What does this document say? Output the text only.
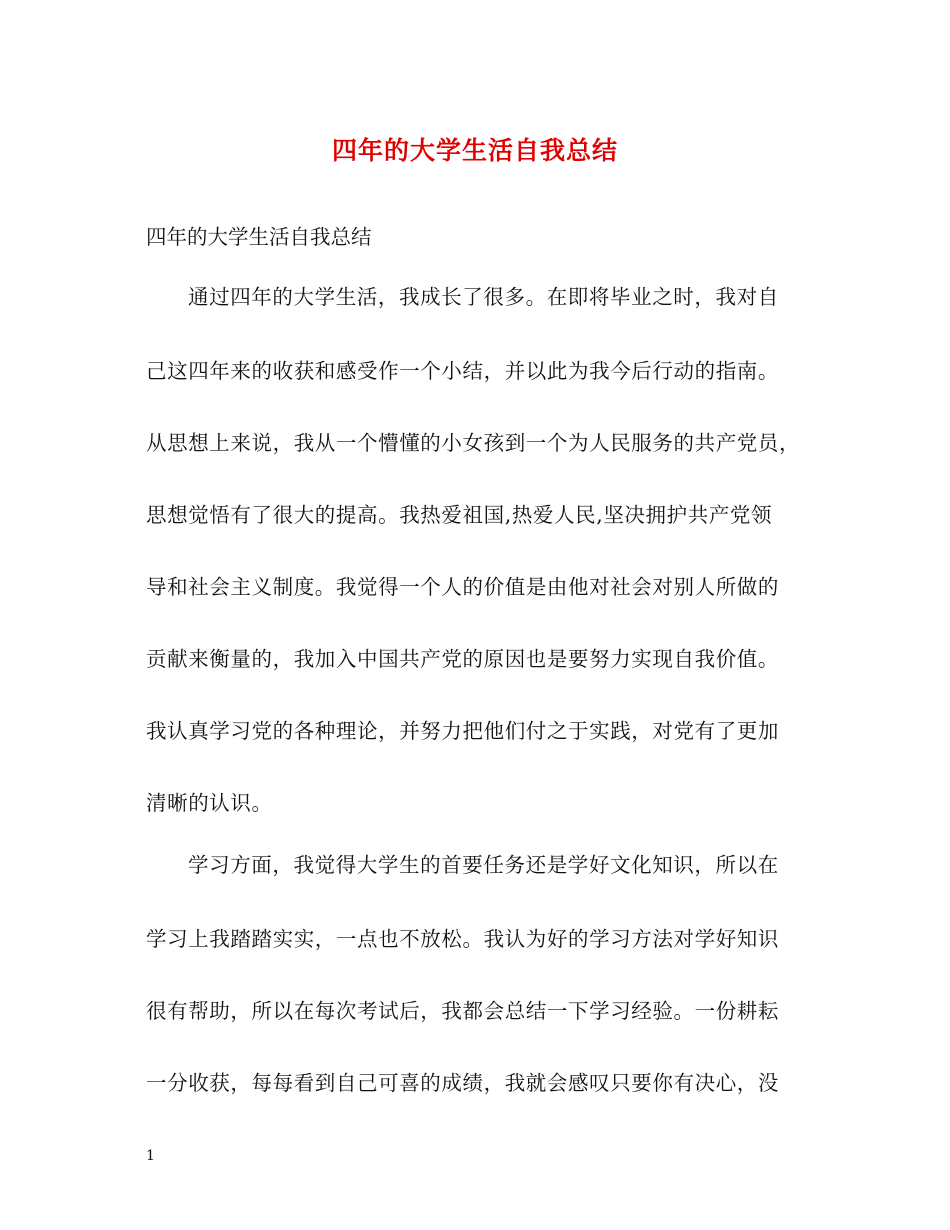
四年的大学生活自我总结
四年的大学生活自我总结
通过四年的大学生活，我成长了很多。在即将毕业之时，我对自
己这四年来的收获和感受作一个小结，并以此为我今后行动的指南。
从思想上来说，我从一个懵懂的小女孩到一个为人民服务的共产党员，
思想觉悟有了很大的提高。我热爱祖国,热爱人民,坚决拥护共产党领
导和社会主义制度。我觉得一个人的价值是由他对社会对别人所做的
贡献来衡量的，我加入中国共产党的原因也是要努力实现自我价值。
我认真学习党的各种理论，并努力把他们付之于实践，对党有了更加
清晰的认识。
学习方面，我觉得大学生的首要任务还是学好文化知识，所以在
学习上我踏踏实实，一点也不放松。我认为好的学习方法对学好知识
很有帮助，所以在每次考试后，我都会总结一下学习经验。一份耕耘
一分收获，每每看到自己可喜的成绩，我就会感叹只要你有决心，没
1
